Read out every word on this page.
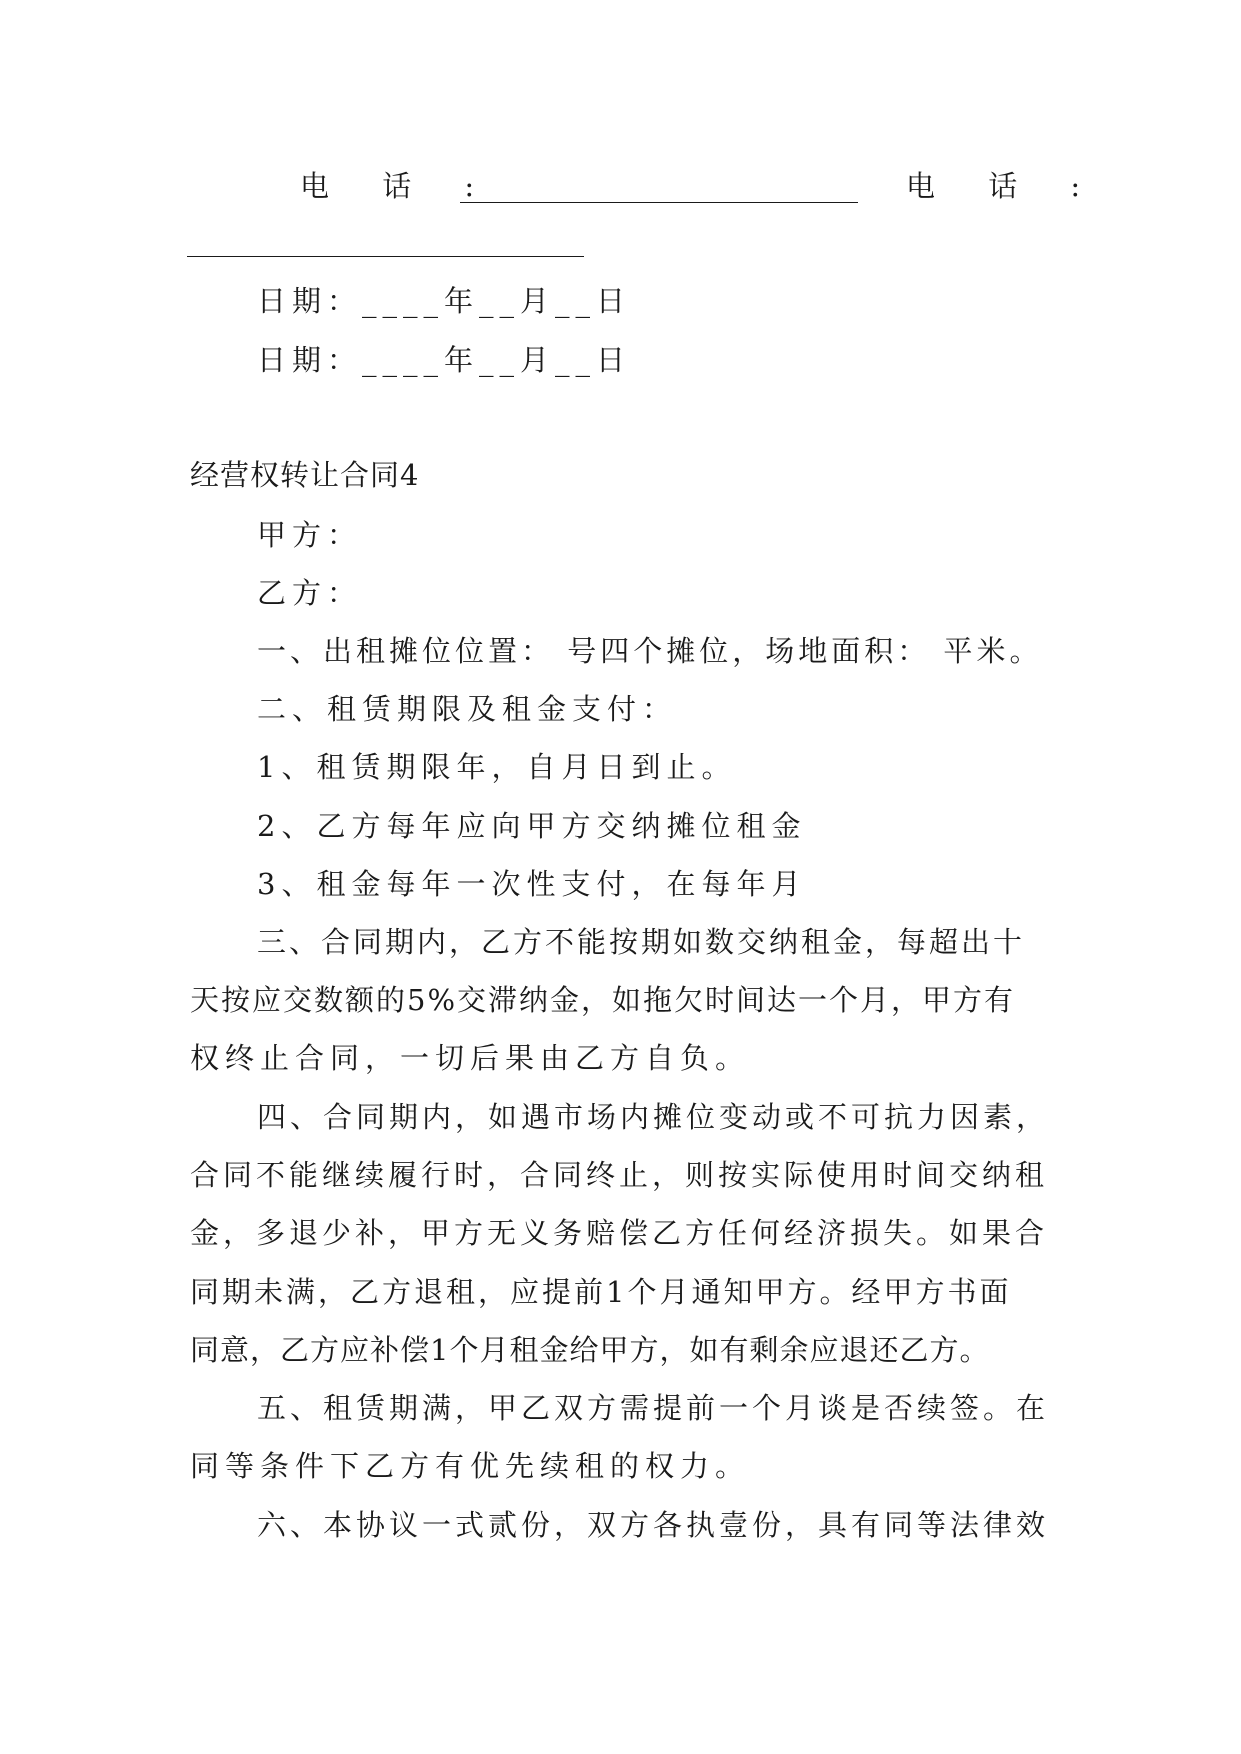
电 话 :	电 话 :
日期：____年__月__日
日期：____年__月__日
经营权转让合同4
甲方：
乙方：
一、出租摊位位置： 号四个摊位，场地面积： 平米。
二、租赁期限及租金支付：
1、租赁期限年，自月日到止。
2、乙方每年应向甲方交纳摊位租金
3、租金每年一次性支付，在每年月
三、合同期内，乙方不能按期如数交纳租金，每超出十
天按应交数额的5%交滞纳金，如拖欠时间达一个月，甲方有
权终止合同，一切后果由乙方自负。
四、合同期内，如遇市场内摊位变动或不可抗力因素，
合同不能继续履行时，合同终止，则按实际使用时间交纳租
金，多退少补，甲方无义务赔偿乙方任何经济损失。如果合
同期未满，乙方退租，应提前1个月通知甲方。经甲方书面
同意，乙方应补偿1个月租金给甲方，如有剩余应退还乙方。
五、租赁期满，甲乙双方需提前一个月谈是否续签。在
同等条件下乙方有优先续租的权力。
六、本协议一式贰份，双方各执壹份，具有同等法律效
